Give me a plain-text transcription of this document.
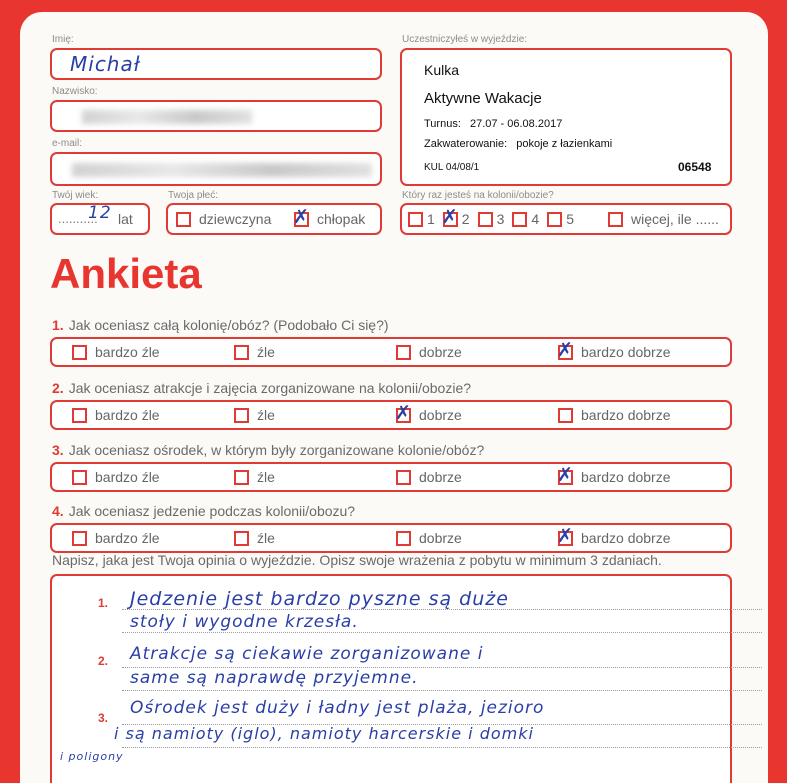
Imię:
Michał
Nazwisko:
e-mail:
Twój wiek:
...........
12 lat
Twoja płeć:
dziewczyna ✗ chłopak
Uczestniczyłeś w wyjeździe:
Kulka
Aktywne Wakacje
Turnus: 27.07 - 06.08.2017
Zakwaterowanie: pokoje z łazienkami
KUL 04/08/1	06548
Który raz jesteś na kolonii/obozie?
1 ✗ 2 3 4 5	więcej, ile ......
Ankieta
1. Jak oceniasz całą kolonię/obóz? (Podobało Ci się?)
bardzo źle	źle	dobrze	✗ bardzo dobrze
2. Jak oceniasz atrakcje i zajęcia zorganizowane na kolonii/obozie?
bardzo źle	źle	✗ dobrze	bardzo dobrze
3. Jak oceniasz ośrodek, w którym były zorganizowane kolonie/obóz?
bardzo źle	źle	dobrze	✗ bardzo dobrze
4. Jak oceniasz jedzenie podczas kolonii/obozu?
bardzo źle	źle	dobrze	✗ bardzo dobrze
Napisz, jaka jest Twoja opinia o wyjeździe. Opisz swoje wrażenia z pobytu w minimum 3 zdaniach.
1.
2.
3.
Jedzenie jest bardzo pyszne są duże
stoły i wygodne krzesła.
Atrakcje są ciekawie zorganizowane i
same są naprawdę przyjemne.
Ośrodek jest duży i ładny jest plaża, jezioro
i są namioty (iglo), namioty harcerskie i domki
i poligony
